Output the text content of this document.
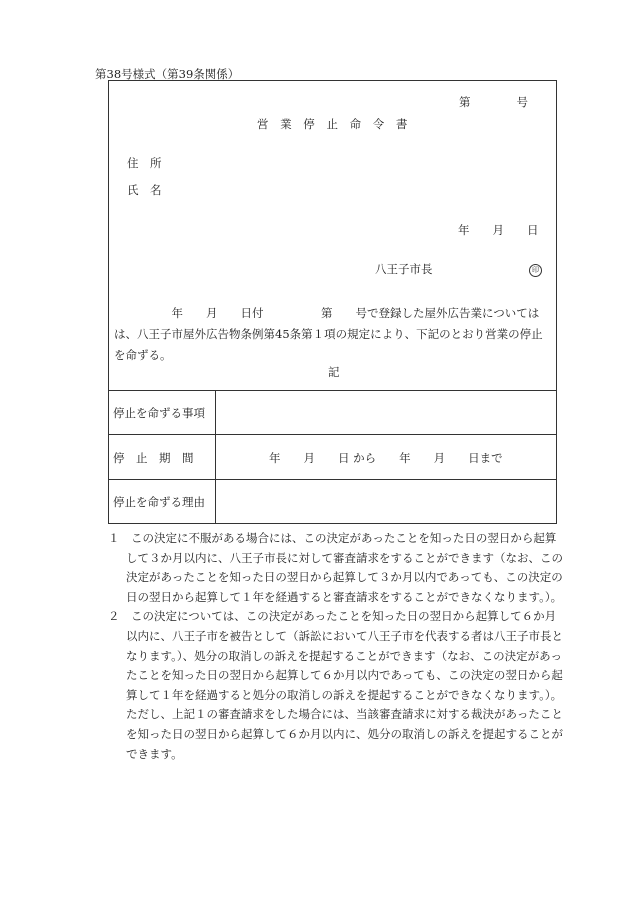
第38号様式（第39条関係）
第　　　　号
営 業 停 止 命 令 書
住　所
氏　名
年　　月　　日
八王子市長	印
　　　　　年　　月　　日付　　　　　第　　号で登録した屋外広告業については
は、八王子市屋外広告物条例第45条第１項の規定により、下記のとおり営業の停止
を命ずる。
記
停止を命ずる事項
停　止　期　間	年　　月　　日 から　　年　　月　　日まで
停止を命ずる理由
１　この決定に不服がある場合には、この決定があったことを知った日の翌日から起算
して３か月以内に、八王子市長に対して審査請求をすることができます（なお、この
決定があったことを知った日の翌日から起算して３か月以内であっても、この決定の
日の翌日から起算して１年を経過すると審査請求をすることができなくなります。）。
２　この決定については、この決定があったことを知った日の翌日から起算して６か月
以内に、八王子市を被告として（訴訟において八王子市を代表する者は八王子市長と
なります。）、処分の取消しの訴えを提起することができます（なお、この決定があっ
たことを知った日の翌日から起算して６か月以内であっても、この決定の翌日から起
算して１年を経過すると処分の取消しの訴えを提起することができなくなります。）。
ただし、上記１の審査請求をした場合には、当該審査請求に対する裁決があったこと
を知った日の翌日から起算して６か月以内に、処分の取消しの訴えを提起することが
できます。
